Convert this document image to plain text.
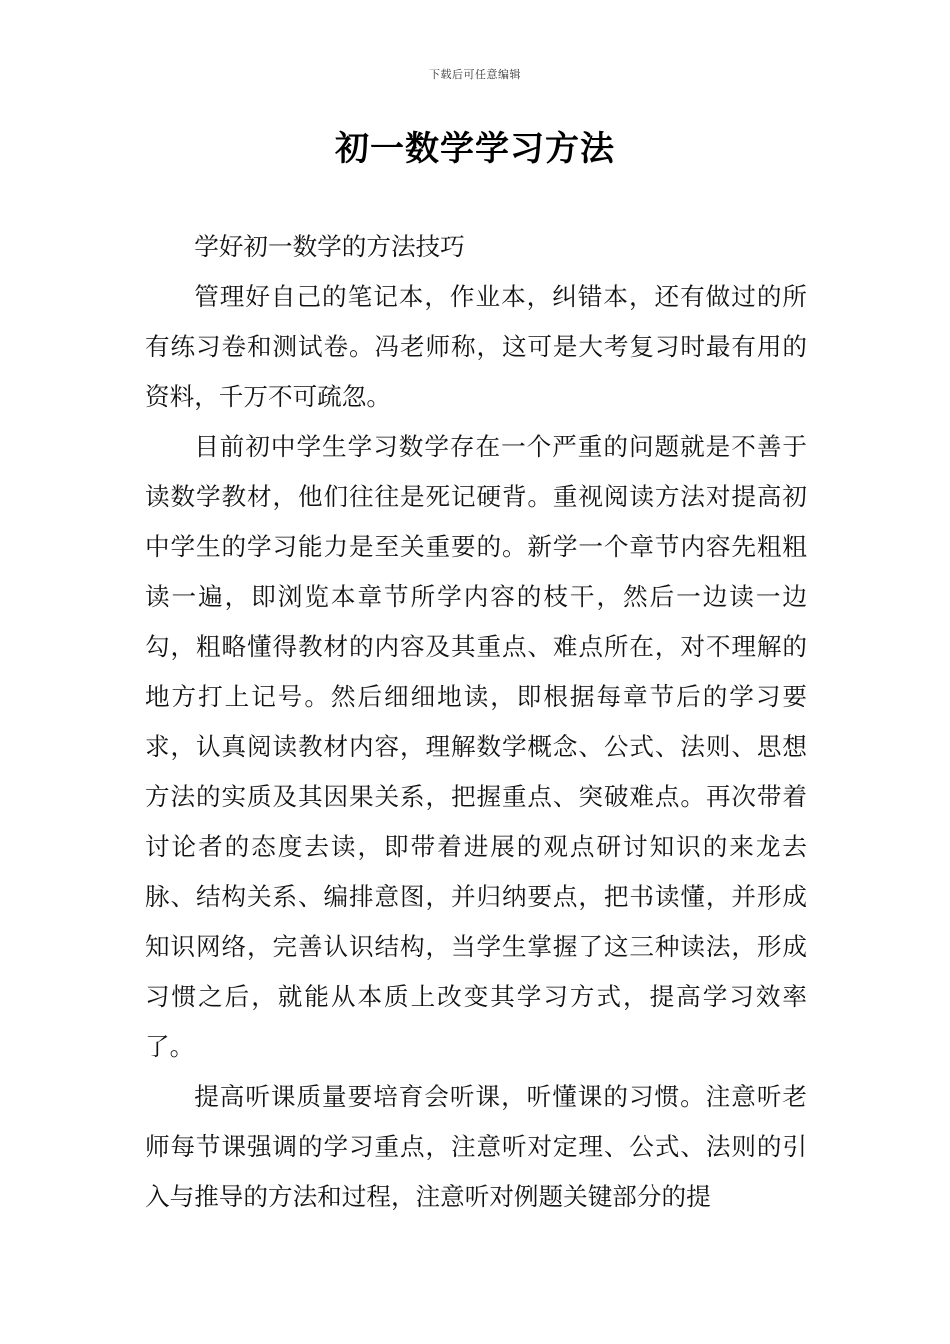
下载后可任意编辑
初一数学学习方法

学好初一数学的方法技巧

管理好自己的笔记本，作业本，纠错本，还有做过的所有练习卷和测试卷。冯老师称，这可是大考复习时最有用的资料，千万不可疏忽。

目前初中学生学习数学存在一个严重的问题就是不善于读数学教材，他们往往是死记硬背。重视阅读方法对提高初中学生的学习能力是至关重要的。新学一个章节内容先粗粗读一遍，即浏览本章节所学内容的枝干，然后一边读一边勾，粗略懂得教材的内容及其重点、难点所在，对不理解的地方打上记号。然后细细地读，即根据每章节后的学习要求，认真阅读教材内容，理解数学概念、公式、法则、思想方法的实质及其因果关系，把握重点、突破难点。再次带着讨论者的态度去读，即带着进展的观点研讨知识的来龙去脉、结构关系、编排意图，并归纳要点，把书读懂，并形成知识网络，完善认识结构，当学生掌握了这三种读法，形成习惯之后，就能从本质上改变其学习方式，提高学习效率了。

提高听课质量要培育会听课，听懂课的习惯。注意听老师每节课强调的学习重点，注意听对定理、公式、法则的引入与推导的方法和过程，注意听对例题关键部分的提
